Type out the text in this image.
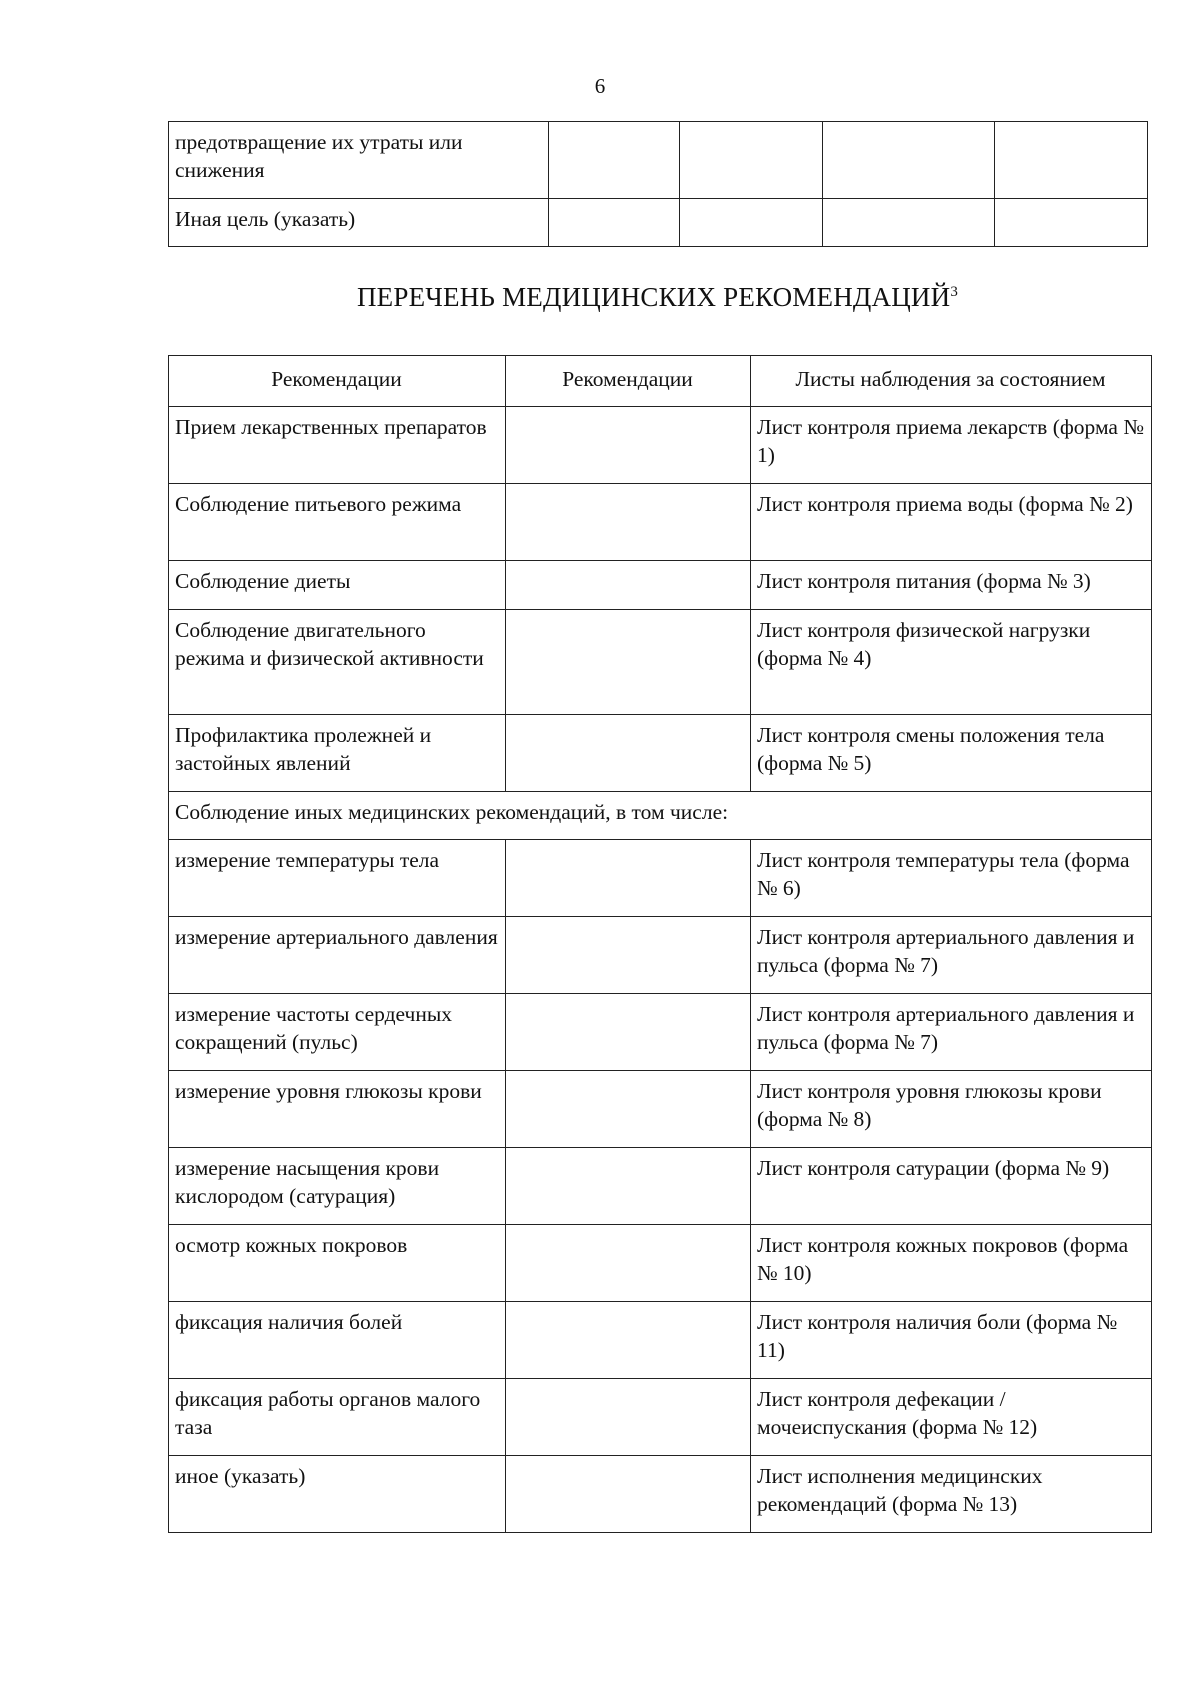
6
предотвращение их утраты или снижения				
Иная цель (указать)				
ПЕРЕЧЕНЬ МЕДИЦИНСКИХ РЕКОМЕНДАЦИЙ$^3$
Рекомендации	Рекомендации	Листы наблюдения за состоянием
Прием лекарственных препаратов		Лист контроля приема лекарств (форма № 1)
Соблюдение питьевого режима		Лист контроля приема воды (форма № 2)
Соблюдение диеты		Лист контроля питания (форма № 3)
Соблюдение двигательного режима и физической активности		Лист контроля физической нагрузки (форма № 4)
Профилактика пролежней и застойных явлений		Лист контроля смены положения тела (форма № 5)
Соблюдение иных медицинских рекомендаций, в том числе:		
измерение температуры тела		Лист контроля температуры тела (форма № 6)
измерение артериального давления		Лист контроля артериального давления и пульса (форма № 7)
измерение частоты сердечных сокращений (пульс)		Лист контроля артериального давления и пульса (форма № 7)
измерение уровня глюкозы крови		Лист контроля уровня глюкозы крови (форма № 8)
измерение насыщения крови кислородом (сатурация)		Лист контроля сатурации (форма № 9)
осмотр кожных покровов		Лист контроля кожных покровов (форма № 10)
фиксация наличия болей		Лист контроля наличия боли (форма № 11)
фиксация работы органов малого таза		Лист контроля дефекации /мочеиспускания (форма № 12)
иное (указать)		Лист исполнения медицинских рекомендаций (форма № 13)
